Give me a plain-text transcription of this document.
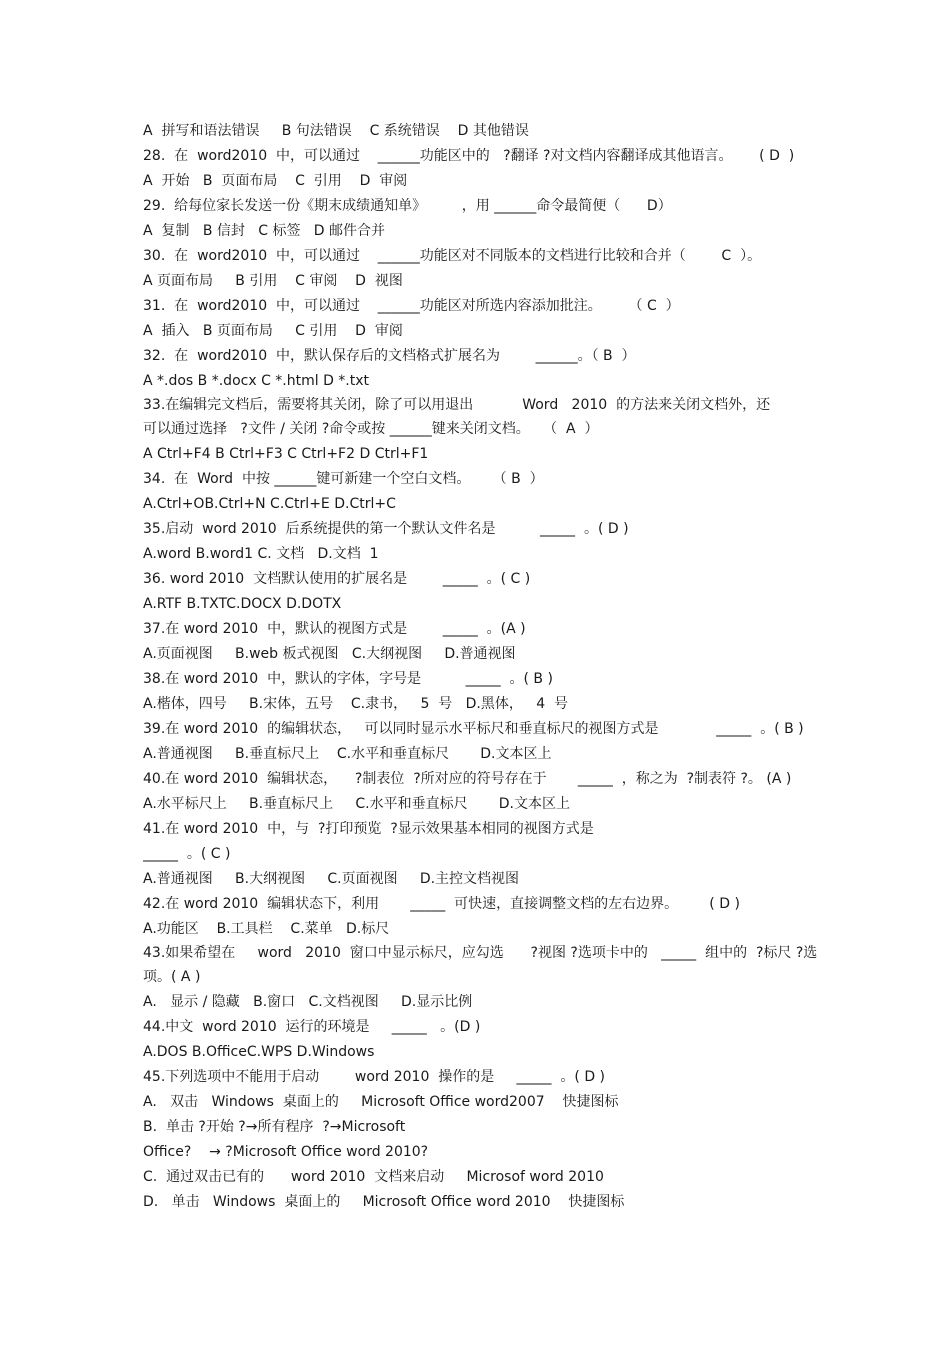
A  拼写和语法错误     B 句法错误    C 系统错误    D 其他错误
28.  在  word2010  中，可以通过    ______功能区中的   ?翻译 ?对文档内容翻译成其他语言。      ( D  )
A  开始   B  页面布局    C  引用    D  审阅
29.  给每位家长发送一份《期末成绩通知单》        ，用 ______命令最简便（      D）
A  复制   B 信封   C 标签   D 邮件合并
30.  在  word2010  中，可以通过    ______功能区对不同版本的文档进行比较和合并（        C  ）。
A 页面布局     B 引用    C 审阅    D  视图
31.  在  word2010  中，可以通过    ______功能区对所选内容添加批注。      （ C  ）
A  插入   B 页面布局     C 引用    D  审阅
32.  在  word2010  中，默认保存后的文档格式扩展名为        ______。（ B  ）
A *.dos B *.docx C *.html D *.txt
33.在编辑完文档后，需要将其关闭，除了可以用退出           Word   2010  的方法来关闭文档外，还
可以通过选择   ?文件 / 关闭 ?命令或按 ______键来关闭文档。   （  A  ）
A Ctrl+F4 B Ctrl+F3 C Ctrl+F2 D Ctrl+F1
34.  在  Word  中按 ______键可新建一个空白文档。     （ B  ）
A.Ctrl+OB.Ctrl+N C.Ctrl+E D.Ctrl+C
35.启动  word 2010  后系统提供的第一个默认文件名是          _____  。( D )
A.word B.word1 C. 文档   D.文档  1
36. word 2010  文档默认使用的扩展名是        _____  。( C )
A.RTF B.TXTC.DOCX D.DOTX
37.在 word 2010  中，默认的视图方式是        _____  。(A )
A.页面视图     B.web 板式视图   C.大纲视图     D.普通视图
38.在 word 2010  中，默认的字体，字号是          _____  。( B )
A.楷体，四号     B.宋体，五号    C.隶书，   5  号   D.黑体，   4  号
39.在 word 2010  的编辑状态，   可以同时显示水平标尺和垂直标尺的视图方式是             _____  。( B )
A.普通视图     B.垂直标尺上    C.水平和垂直标尺       D.文本区上
40.在 word 2010  编辑状态，    ?制表位  ?所对应的符号存在于       _____  ，称之为  ?制表符 ?。 (A )
A.水平标尺上     B.垂直标尺上     C.水平和垂直标尺       D.文本区上
41.在 word 2010  中，与  ?打印预览  ?显示效果基本相同的视图方式是
_____  。( C )
A.普通视图     B.大纲视图     C.页面视图     D.主控文档视图
42.在 word 2010  编辑状态下，利用       _____  可快速，直接调整文档的左右边界。       ( D )
A.功能区    B.工具栏    C.菜单   D.标尺
43.如果希望在     word   2010  窗口中显示标尺，应勾选      ?视图 ?选项卡中的   _____  组中的  ?标尺 ?选
项。( A )
A.   显示 / 隐藏   B.窗口   C.文档视图     D.显示比例
44.中文  word 2010  运行的环境是     _____   。(D )
A.DOS B.OfficeC.WPS D.Windows
45.下列选项中不能用于启动        word 2010  操作的是     _____  。( D )
A.   双击   Windows  桌面上的     Microsoft Office word2007    快捷图标
B.  单击 ?开始 ?→所有程序  ?→Microsoft
Office?    → ?Microsoft Office word 2010?
C.  通过双击已有的      word 2010  文档来启动     Microsof word 2010
D.   单击   Windows  桌面上的     Microsoft Office word 2010    快捷图标
